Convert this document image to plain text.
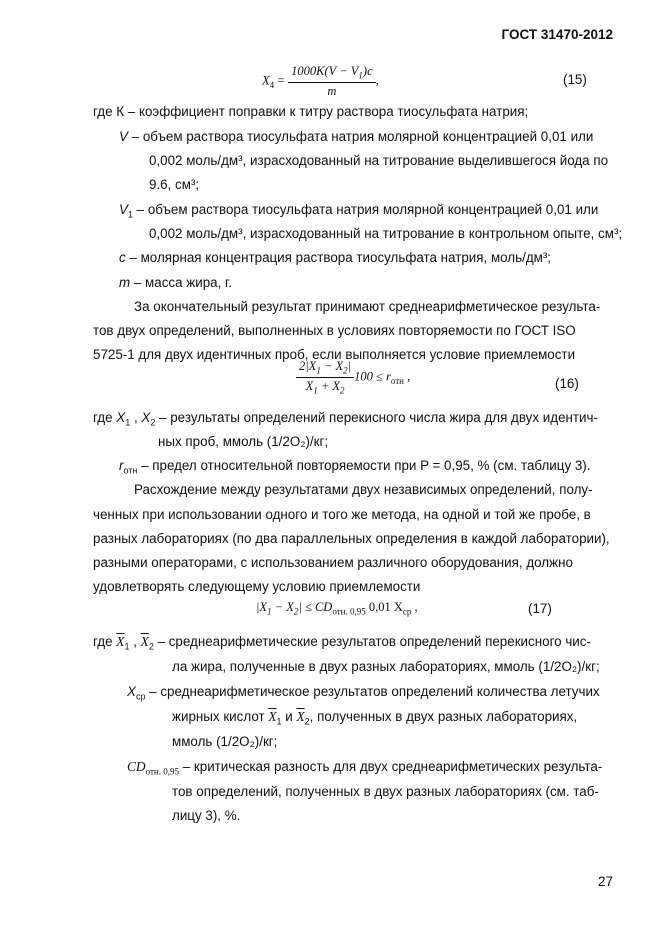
ГОСТ 31470-2012
$X_4 = \frac{1000K(V - V_1)c}{m}$ ,	(15)
где К – коэффициент поправки к титру раствора тиосульфата натрия;
V – объем раствора тиосульфата натрия молярной концентрацией 0,01 или
0,002 моль/дм³, израсходованный на титрование выделившегося йода по
9.6, см³;
$V_1$ – объем раствора тиосульфата натрия молярной концентрацией 0,01 или
0,002 моль/дм³, израсходованный на титрование в контрольном опыте, см³;
c – молярная концентрация раствора тиосульфата натрия, моль/дм³;
m – масса жира, г.
За окончательный результат принимают среднеарифметическое результа-
тов двух определений, выполненных в условиях повторяемости по ГОСТ ISO
5725-1 для двух идентичных проб, если выполняется условие приемлемости
$\frac{2|X_1 - X_2|}{X_1 + X_2} 100 \le r_{отн}$ ,	(16)
где $X_1$ , $X_2$ – результаты определений перекисного числа жира для двух идентич-
ных проб, ммоль (1/2O₂)/кг;
$r_{отн}$ – предел относительной повторяемости при P = 0,95, % (см. таблицу 3).
Расхождение между результатами двух независимых определений, полу-
ченных при использовании одного и того же метода, на одной и той же пробе, в
разных лабораториях (по два параллельных определения в каждой лаборатории),
разными операторами, с использованием различного оборудования, должно
удовлетворять следующему условию приемлемости
$|X_1 - X_2| \le CD_{отн. 0,95}$ 0,01 $X_{ср}$ ,	(17)
где $\overline{X}_1$ , $\overline{X}_2$ – среднеарифметические результатов определений перекисного чис-
ла жира, полученные в двух разных лабораториях, ммоль (1/2O₂)/кг;
$X_{ср}$ – среднеарифметическое результатов определений количества летучих
жирных кислот $\overline{X}_1$ и $\overline{X}_2$, полученных в двух разных лабораториях,
ммоль (1/2O₂)/кг;
$CD_{отн. 0,95}$ – критическая разность для двух среднеарифметических результа-
тов определений, полученных в двух разных лабораториях (см. таб-
лицу 3), %.
27
